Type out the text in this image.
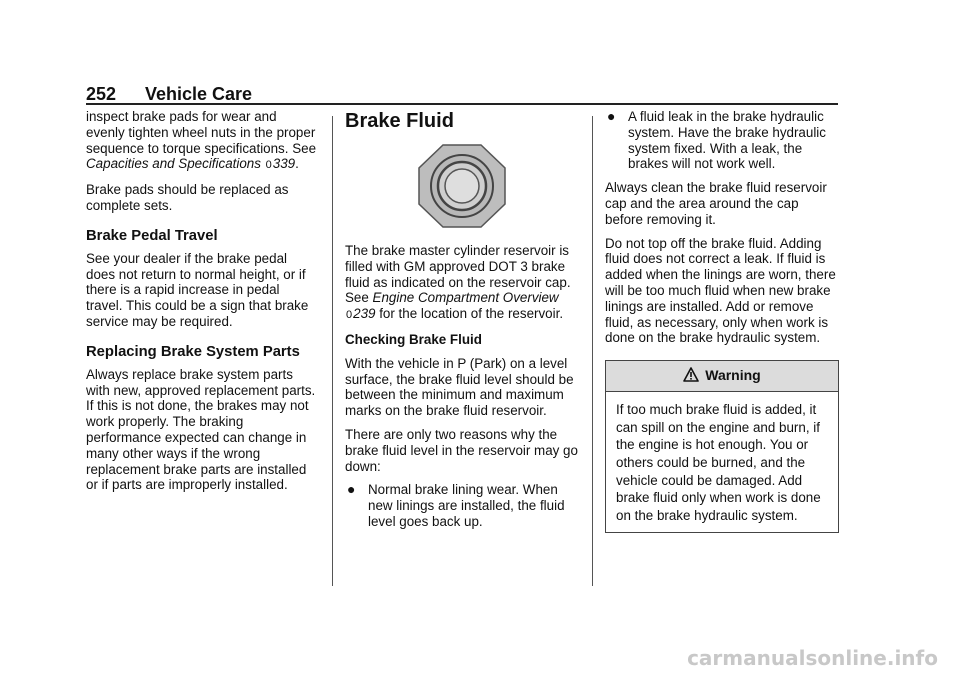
252 Vehicle Care

inspect brake pads for wear and evenly tighten wheel nuts in the proper sequence to torque specifications. See Capacities and Specifications 0339.

Brake pads should be replaced as complete sets.

Brake Pedal Travel

See your dealer if the brake pedal does not return to normal height, or if there is a rapid increase in pedal travel. This could be a sign that brake service may be required.

Replacing Brake System Parts

Always replace brake system parts with new, approved replacement parts. If this is not done, the brakes may not work properly. The braking performance expected can change in many other ways if the wrong replacement brake parts are installed or if parts are improperly installed.

Brake Fluid

The brake master cylinder reservoir is filled with GM approved DOT 3 brake fluid as indicated on the reservoir cap. See Engine Compartment Overview 0239 for the location of the reservoir.

Checking Brake Fluid

With the vehicle in P (Park) on a level surface, the brake fluid level should be between the minimum and maximum marks on the brake fluid reservoir.

There are only two reasons why the brake fluid level in the reservoir may go down:

● Normal brake lining wear. When new linings are installed, the fluid level goes back up.
● A fluid leak in the brake hydraulic system. Have the brake hydraulic system fixed. With a leak, the brakes will not work well.

Always clean the brake fluid reservoir cap and the area around the cap before removing it.

Do not top off the brake fluid. Adding fluid does not correct a leak. If fluid is added when the linings are worn, there will be too much fluid when new brake linings are installed. Add or remove fluid, as necessary, only when work is done on the brake hydraulic system.

Warning
If too much brake fluid is added, it can spill on the engine and burn, if the engine is hot enough. You or others could be burned, and the vehicle could be damaged. Add brake fluid only when work is done on the brake hydraulic system.
carmanualsonline.info
